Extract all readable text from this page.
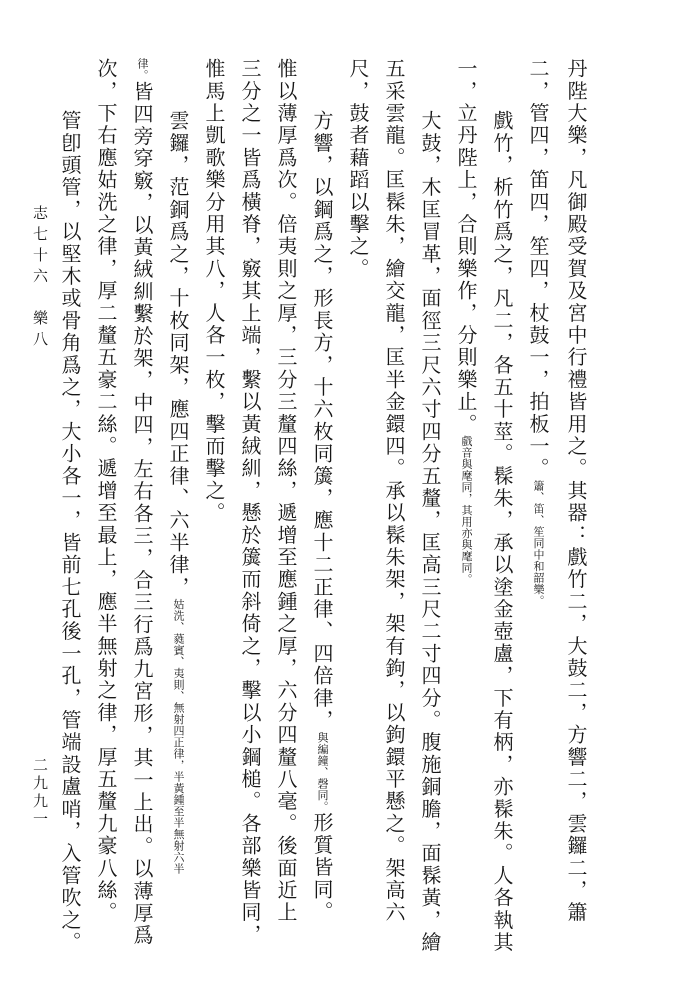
丹陛大樂，凡御殿受賀及宮中行禮皆用之。其器：戲竹二，大鼓二，方響二，雲鑼二，簫
二，管四，笛四，笙四，杖鼓一，拍板一。簫、笛、笙同中和韶樂。
戲竹，析竹爲之，凡二，各五十莖。髹朱，承以塗金壺盧，下有柄，亦髹朱。人各執其
一，立丹陛上，合則樂作，分則樂止。戲音與麾同，其用亦與麾同。
大鼓，木匡冒革，面徑三尺六寸四分五釐，匡高三尺二寸四分。腹施銅膽，面髹黃，繪
五采雲龍。匡髹朱，繪交龍，匡半金鐶四。承以髹朱架，架有鉤，以鉤鐶平懸之。架高六
尺，鼓者藉蹈以擊之。
方響，以鋼爲之，形長方，十六枚同簴，應十二正律、四倍律，與編鐘、磬同。形質皆同。
惟以薄厚爲次。倍夷則之厚，三分三釐四絲，遞增至應鍾之厚，六分四釐八毫。後面近上
三分之一皆爲橫脊，竅其上端，繫以黃絨紃，懸於簴而斜倚之，擊以小鋼槌。各部樂皆同，
惟馬上凱歌樂分用其八，人各一枚，擊而擊之。
雲鑼，范銅爲之，十枚同架，應四正律、六半律，姑洗、蕤賓、夷則、無射四正律，半黃鍾至半無射六半
律。皆四旁穿竅，以黃絨紃繫於架，中四，左右各三，合三行爲九宮形，其一上出。以薄厚爲
次，下右應姑洗之律，厚二釐五豪二絲。遞增至最上，應半無射之律，厚五釐九豪八絲。
管卽頭管，以堅木或骨角爲之，大小各一，皆前七孔後一孔，管端設盧哨，入管吹之。
志七十六　樂八
二九九一
